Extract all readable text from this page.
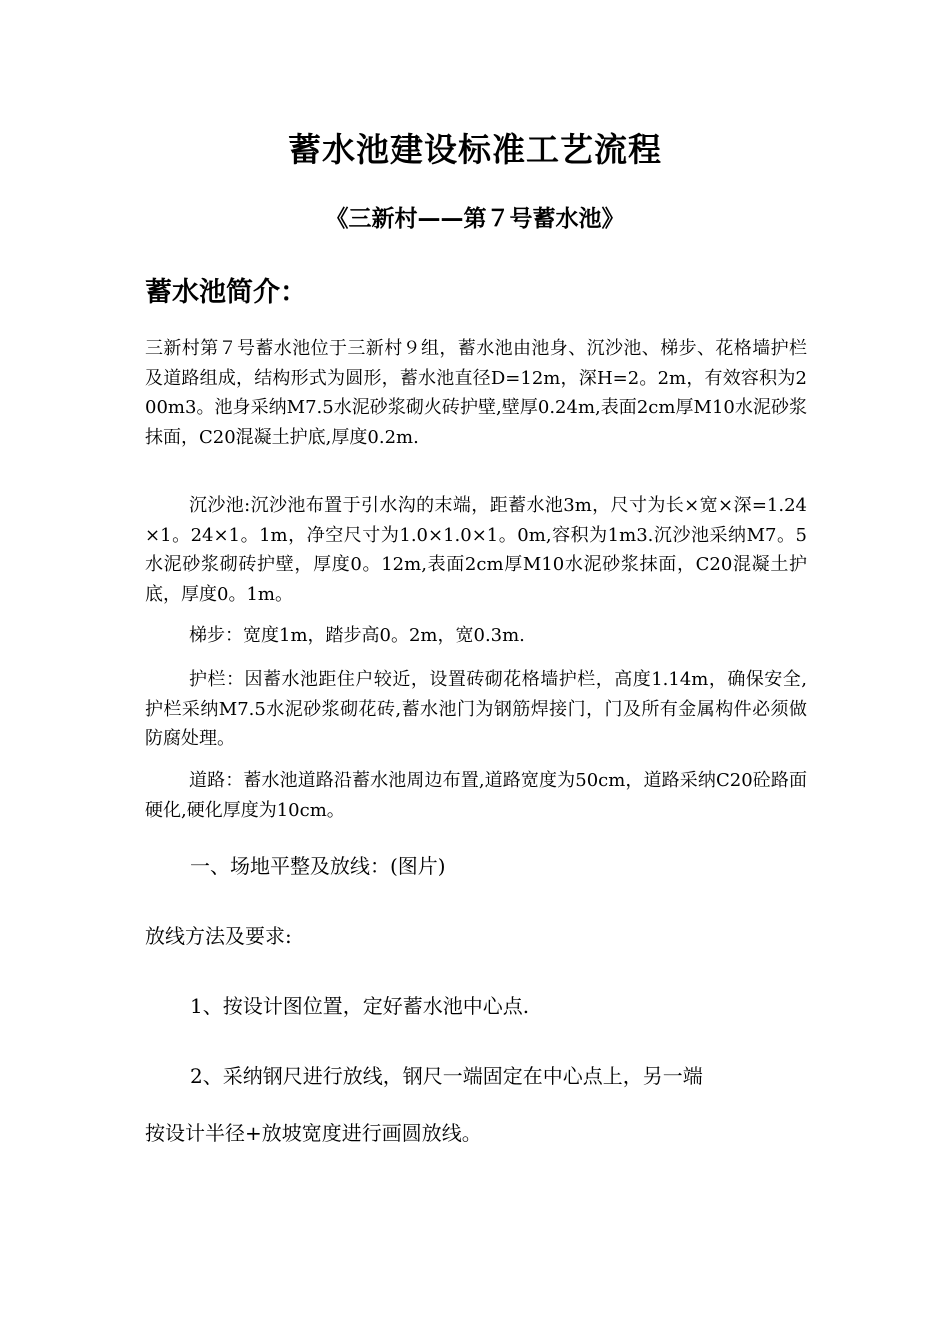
蓄水池建设标准工艺流程
《三新村——第７号蓄水池》
蓄水池简介：
三新村第７号蓄水池位于三新村９组，蓄水池由池身、沉沙池、梯步、花格墙护栏及道路组成，结构形式为圆形，蓄水池直径D=12m，深H=2。2m，有效容积为200m3。池身采纳M7.5水泥砂浆砌火砖护壁,壁厚0.24m,表面2cm厚M10水泥砂浆抹面，C20混凝土护底,厚度0.2m.
沉沙池:沉沙池布置于引水沟的末端，距蓄水池3m，尺寸为长×宽×深=1.24×1。24×1。1m，净空尺寸为1.0×1.0×1。0m,容积为1m3.沉沙池采纳M7。5水泥砂浆砌砖护壁，厚度0。12m,表面2cm厚M10水泥砂浆抹面，C20混凝土护底，厚度0。1m。
梯步：宽度1m，踏步高0。2m，宽0.3m.
护栏：因蓄水池距住户较近，设置砖砌花格墙护栏，高度1.14m，确保安全,护栏采纳M7.5水泥砂浆砌花砖,蓄水池门为钢筋焊接门，门及所有金属构件必须做防腐处理。
道路：蓄水池道路沿蓄水池周边布置,道路宽度为50cm，道路采纳C20砼路面硬化,硬化厚度为10cm。
一、场地平整及放线：(图片)
放线方法及要求:
1、按设计图位置，定好蓄水池中心点.
2、采纳钢尺进行放线，钢尺一端固定在中心点上，另一端
按设计半径+放坡宽度进行画圆放线。
